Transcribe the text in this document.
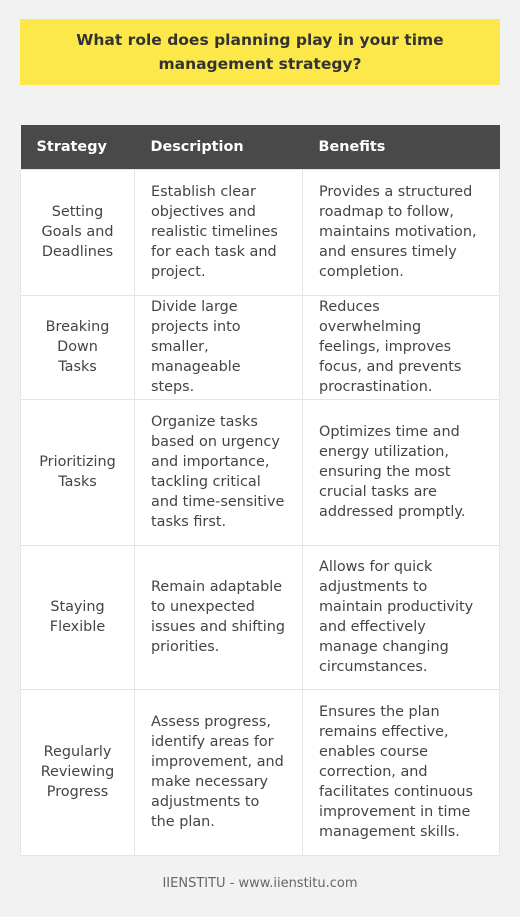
What role does planning play in your time management strategy?
Strategy	Description	Benefits
Setting Goals and Deadlines	Establish clear objectives and realistic timelines for each task and project.	Provides a structured roadmap to follow, maintains motivation, and ensures timely completion.
Breaking Down Tasks	Divide large projects into smaller, manageable steps.	Reduces overwhelming feelings, improves focus, and prevents procrastination.
Prioritizing Tasks	Organize tasks based on urgency and importance, tackling critical and time-sensitive tasks first.	Optimizes time and energy utilization, ensuring the most crucial tasks are addressed promptly.
Staying Flexible	Remain adaptable to unexpected issues and shifting priorities.	Allows for quick adjustments to maintain productivity and effectively manage changing circumstances.
Regularly Reviewing Progress	Assess progress, identify areas for improvement, and make necessary adjustments to the plan.	Ensures the plan remains effective, enables course correction, and facilitates continuous improvement in time management skills.
IIENSTITU - www.iienstitu.com
